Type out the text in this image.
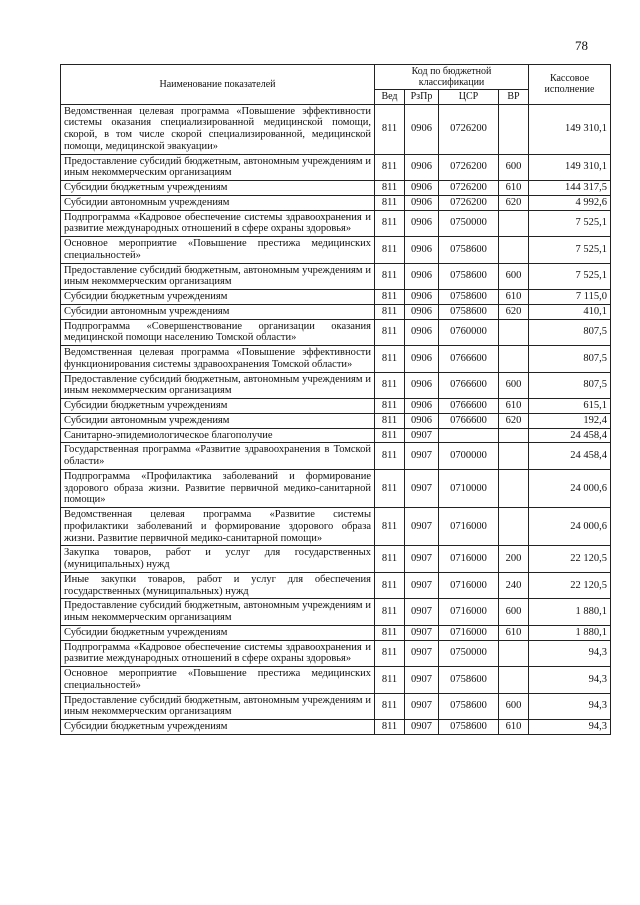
78
Наименование показателей	Код по бюджетной классификации				Кассовое исполнение
	Вед	РзПр	ЦСР	ВР	
Ведомственная целевая программа «Повышение эффективности системы оказания специализированной медицинской помощи, скорой, в том числе скорой специализированной, медицинской помощи, медицинской эвакуации»	811	0906	0726200		149 310,1
Предоставление субсидий бюджетным, автономным учреждениям и иным некоммерческим организациям	811	0906	0726200	600	149 310,1
Субсидии бюджетным учреждениям	811	0906	0726200	610	144 317,5
Субсидии автономным учреждениям	811	0906	0726200	620	4 992,6
Подпрограмма «Кадровое обеспечение системы здравоохранения и развитие международных отношений в сфере охраны здоровья»	811	0906	0750000		7 525,1
Основное мероприятие «Повышение престижа медицинских специальностей»	811	0906	0758600		7 525,1
Предоставление субсидий бюджетным, автономным учреждениям и иным некоммерческим организациям	811	0906	0758600	600	7 525,1
Субсидии бюджетным учреждениям	811	0906	0758600	610	7 115,0
Субсидии автономным учреждениям	811	0906	0758600	620	410,1
Подпрограмма «Совершенствование организации оказания медицинской помощи населению Томской области»	811	0906	0760000		807,5
Ведомственная целевая программа «Повышение эффективности функционирования системы здравоохранения Томской области»	811	0906	0766600		807,5
Предоставление субсидий бюджетным, автономным учреждениям и иным некоммерческим организациям	811	0906	0766600	600	807,5
Субсидии бюджетным учреждениям	811	0906	0766600	610	615,1
Субсидии автономным учреждениям	811	0906	0766600	620	192,4
Санитарно-эпидемиологическое благополучие	811	0907			24 458,4
Государственная программа «Развитие здравоохранения в Томской области»	811	0907	0700000		24 458,4
Подпрограмма «Профилактика заболеваний и формирование здорового образа жизни. Развитие первичной медико-санитарной помощи»	811	0907	0710000		24 000,6
Ведомственная целевая программа «Развитие системы профилактики заболеваний и формирование здорового образа жизни. Развитие первичной медико-санитарной помощи»	811	0907	0716000		24 000,6
Закупка товаров, работ и услуг для государственных (муниципальных) нужд	811	0907	0716000	200	22 120,5
Иные закупки товаров, работ и услуг для обеспечения государственных (муниципальных) нужд	811	0907	0716000	240	22 120,5
Предоставление субсидий бюджетным, автономным учреждениям и иным некоммерческим организациям	811	0907	0716000	600	1 880,1
Субсидии бюджетным учреждениям	811	0907	0716000	610	1 880,1
Подпрограмма «Кадровое обеспечение системы здравоохранения и развитие международных отношений в сфере охраны здоровья»	811	0907	0750000		94,3
Основное мероприятие «Повышение престижа медицинских специальностей»	811	0907	0758600		94,3
Предоставление субсидий бюджетным, автономным учреждениям и иным некоммерческим организациям	811	0907	0758600	600	94,3
Субсидии бюджетным учреждениям	811	0907	0758600	610	94,3
